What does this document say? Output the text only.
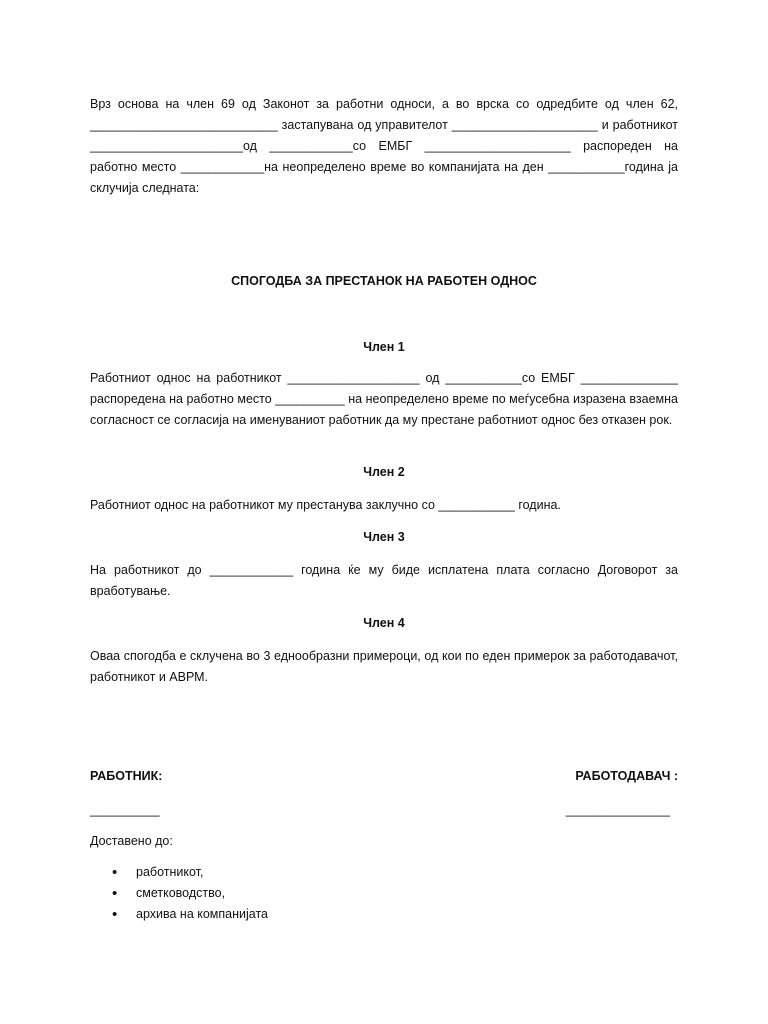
Врз основа на член 69 од Законот за работни односи, а во врска со одредбите од член 62, ___________________________ застапувана од управителот _____________________ и работникот ______________________од ____________со ЕМБГ _____________________ распореден на работно место ____________на неопределено време во компанијата на ден ___________година ја склучија следната:
СПОГОДБА ЗА ПРЕСТАНОК НА РАБОТЕН ОДНОС
Член 1
Работниот однос на работникот ___________________ од ___________со ЕМБГ ______________ распоредена на работно место __________ на неопределено време по меѓусебна изразена взаемна согласност се согласија на именуваниот работник да му престане работниот однос без отказен рок.
Член 2
Работниот однос на работникот му престанува заклучно со ___________ година.
Член 3
На работникот до ____________ година ќе му биде исплатена плата согласно Договорот за вработување.
Член 4
Оваа спогодба е склучена во 3 еднообразни примероци, од кои по еден примерок за работодавачот, работникот и АВРМ.
РАБОТНИК:	РАБОТОДАВАЧ :
__________	_______________
Доставено до:
• работникот,
• сметководство,
• архива на компанијата
